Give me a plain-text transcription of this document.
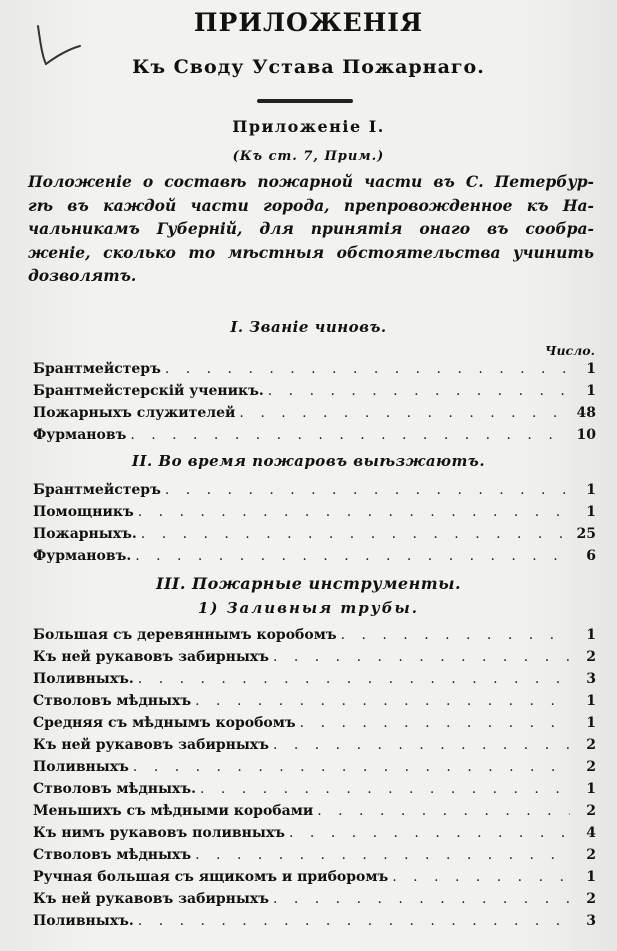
ПРИЛОЖЕНІЯ
Къ Своду Устава Пожарнаго.
Приложеніе І.
(Къ ст. 7, Прим.)
Положеніе о составѣ пожарной части въ С. Петербур-
гѣ въ каждой части города, препровожденное къ На-
чальникамъ Губерній, для принятія онаго въ сообра-
женіе, сколько то мѣстныя обстоятельства учинить
дозволятъ.
I. Званіе чиновъ.
Число.
Брантмейстеръ . . .	1
Брантмейстерскій ученикъ. . . .	1
Пожарныхъ служителей . . .	48
Фурмановъ . . .	10
II. Во время пожаровъ выѣзжаютъ.
Брантмейстеръ . . .	1
Помощникъ . . .	1
Пожарныхъ. . . .	25
Фурмановъ. . . .	6
III. Пожарные инструменты.
1) Заливныя трубы.
Большая съ деревяннымъ коробомъ . . .	1
Къ ней рукавовъ забирныхъ . . .	2
Поливныхъ. . . .	3
Стволовъ мѣдныхъ . . .	1
Средняя съ мѣднымъ коробомъ . . .	1
Къ ней рукавовъ забирныхъ . . .	2
Поливныхъ . . .	2
Стволовъ мѣдныхъ. . . .	1
Меньшихъ съ мѣдными коробами . . .	2
Къ нимъ рукавовъ поливныхъ . . .	4
Стволовъ мѣдныхъ . . .	2
Ручная большая съ ящикомъ и приборомъ . . .	1
Къ ней рукавовъ забирныхъ . . .	2
Поливныхъ. . . .	3
